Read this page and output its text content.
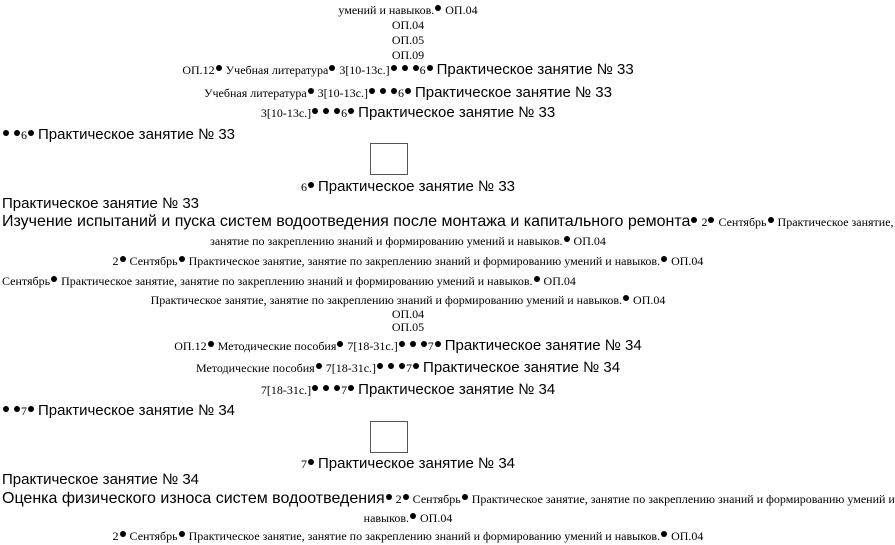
умений и навыков. ОП.04
ОП.04
ОП.05
ОП.09
ОП.12 Учебная литература 3[10-13с.]	6 Практическое занятие № 33
Учебная литература 3[10-13с.]	6 Практическое занятие № 33
3[10-13с.]	6 Практическое занятие № 33
6 Практическое занятие № 33
6 Практическое занятие № 33
Практическое занятие № 33
Изучение испытаний и пуска систем водоотведения после монтажа и капитального ремонта 2 Сентябрь Практическое занятие,
занятие по закреплению знаний и формированию умений и навыков. ОП.04
2 Сентябрь Практическое занятие, занятие по закреплению знаний и формированию умений и навыков. ОП.04
Сентябрь Практическое занятие, занятие по закреплению знаний и формированию умений и навыков. ОП.04
Практическое занятие, занятие по закреплению знаний и формированию умений и навыков. ОП.04
ОП.04
ОП.05
ОП.12 Методические пособия 7[18-31с.]	7 Практическое занятие № 34
Методические пособия 7[18-31с.]	7 Практическое занятие № 34
7[18-31с.]	7 Практическое занятие № 34
7 Практическое занятие № 34
7 Практическое занятие № 34
Практическое занятие № 34
Оценка физического износа систем водоотведения 2 Сентябрь Практическое занятие, занятие по закреплению знаний и формированию умений и
навыков. ОП.04
2 Сентябрь Практическое занятие, занятие по закреплению знаний и формированию умений и навыков. ОП.04
